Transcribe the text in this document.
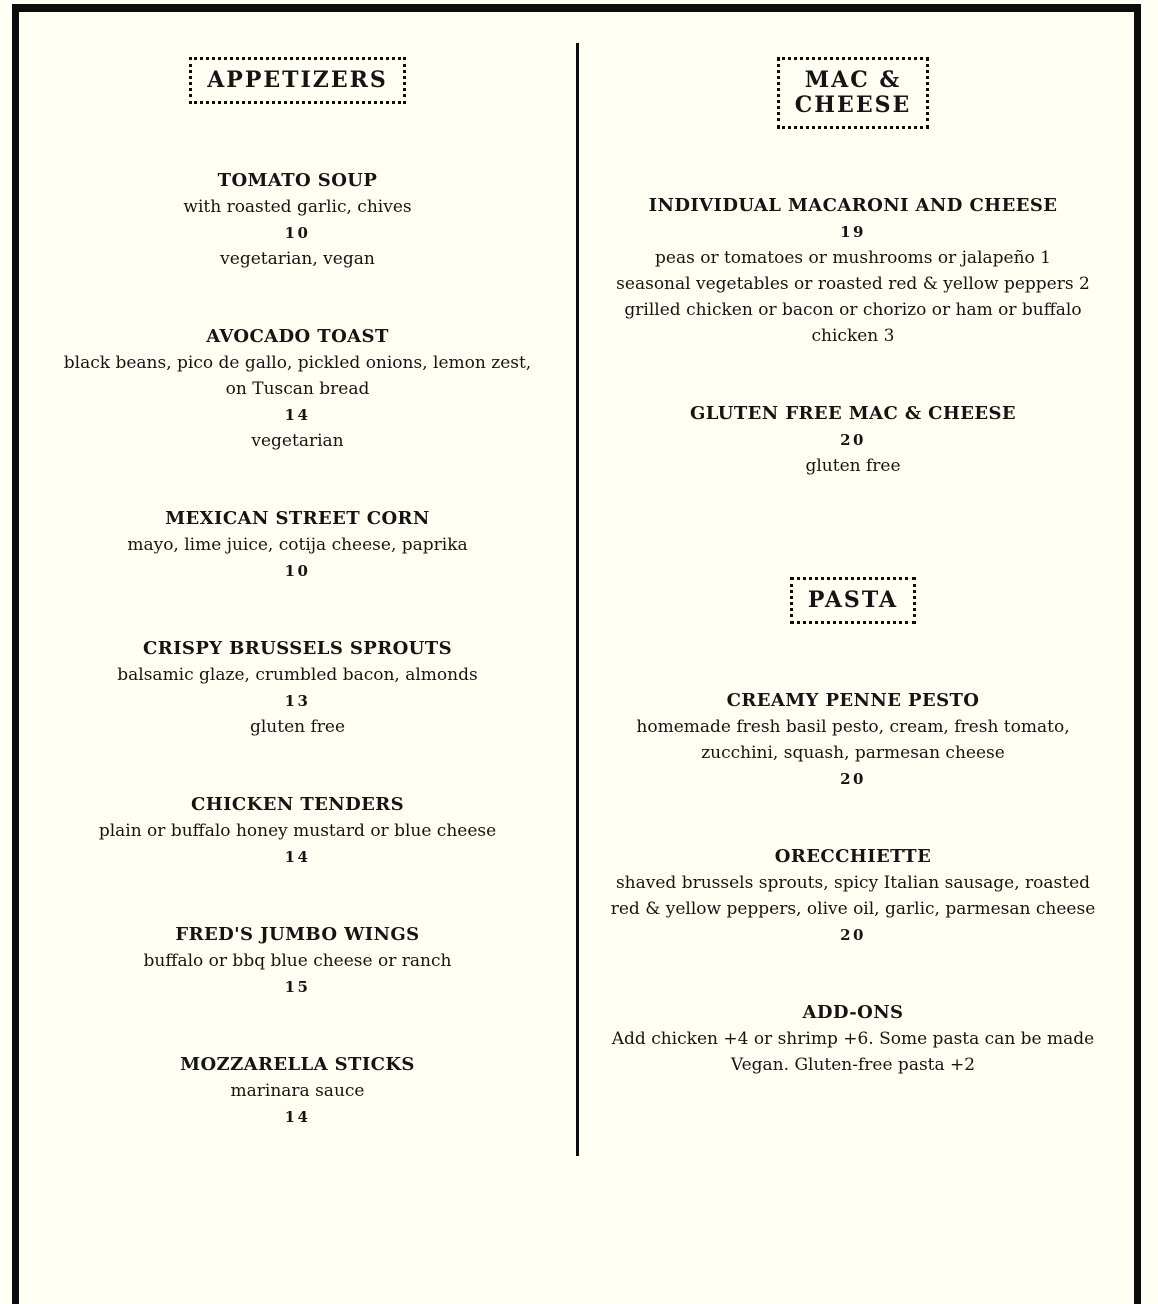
APPETIZERS
TOMATO SOUP
with roasted garlic, chives
10
vegetarian, vegan
AVOCADO TOAST
black beans, pico de gallo, pickled onions, lemon zest,
on Tuscan bread
14
vegetarian
MEXICAN STREET CORN
mayo, lime juice, cotija cheese, paprika
10
CRISPY BRUSSELS SPROUTS
balsamic glaze, crumbled bacon, almonds
13
gluten free
CHICKEN TENDERS
plain or buffalo honey mustard or blue cheese
14
FRED'S JUMBO WINGS
buffalo or bbq blue cheese or ranch
15
MOZZARELLA STICKS
marinara sauce
14
MAC &
CHEESE
INDIVIDUAL MACARONI AND CHEESE
19
peas or tomatoes or mushrooms or jalapeño 1
seasonal vegetables or roasted red & yellow peppers 2
grilled chicken or bacon or chorizo or ham or buffalo
chicken 3
GLUTEN FREE MAC & CHEESE
20
gluten free
PASTA
CREAMY PENNE PESTO
homemade fresh basil pesto, cream, fresh tomato,
zucchini, squash, parmesan cheese
20
ORECCHIETTE
shaved brussels sprouts, spicy Italian sausage, roasted
red & yellow peppers, olive oil, garlic, parmesan cheese
20
ADD-ONS
Add chicken +4 or shrimp +6. Some pasta can be made
Vegan. Gluten-free pasta +2
